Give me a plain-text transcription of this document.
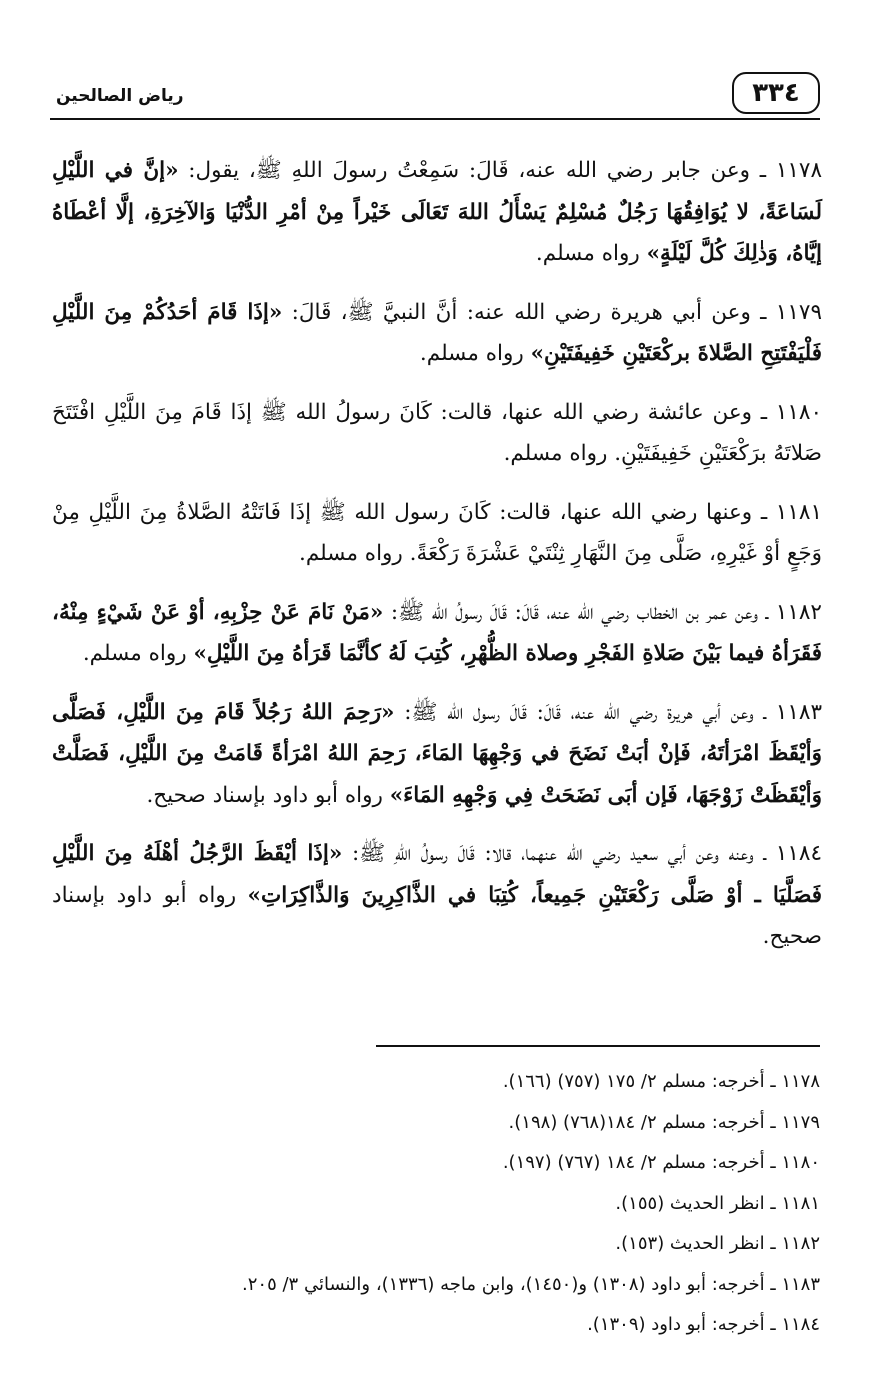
٣٣٤
رياض الصالحين

١١٧٨ ـ وعن جابر رضي الله عنه، قَالَ: سَمِعْتُ رسولَ اللهِ ﷺ، يقول: «إنَّ في اللَّيْلِ لَسَاعَةً، لا يُوَافِقُهَا رَجُلٌ مُسْلِمٌ يَسْأَلُ اللهَ تَعَالَى خَيْراً مِنْ أمْرِ الدُّنْيَا وَالآخِرَةِ، إلَّا أعْطَاهُ إيَّاهُ، وَذٰلِكَ كُلَّ لَيْلَةٍ» رواه مسلم.

١١٧٩ ـ وعن أبي هريرة رضي الله عنه: أنَّ النبيَّ ﷺ، قَالَ: «إذَا قَامَ أحَدُكُمْ مِنَ اللَّيْلِ فَلْيَفْتَتِحِ الصَّلاةَ بركْعَتَيْنِ خَفِيفَتَيْنِ» رواه مسلم.

١١٨٠ ـ وعن عائشة رضي الله عنها، قالت: كَانَ رسولُ الله ﷺ إذَا قَامَ مِنَ اللَّيْلِ افْتَتَحَ صَلاتَهُ برَكْعَتَيْنِ خَفِيفَتَيْنِ. رواه مسلم.

١١٨١ ـ وعنها رضي الله عنها، قالت: كَانَ رسول الله ﷺ إذَا فَاتَتْهُ الصَّلاةُ مِنَ اللَّيْلِ مِنْ وَجَعٍ أوْ غَيْرِهِ، صَلَّى مِنَ النَّهَارِ ثِنْتَيْ عَشْرَةَ رَكْعَةً. رواه مسلم.

١١٨٢ ـ وعن عمر بن الخطاب رضي الله عنه، قَالَ: قَالَ رسولُ الله ﷺ: «مَنْ نَامَ عَنْ حِزْبِهِ، أوْ عَنْ شَيْءٍ مِنْهُ، فَقَرَأهُ فيما بَيْنَ صَلاةِ الفَجْرِ وصلاة الظُّهْرِ، كُتِبَ لَهُ كأنَّمَا قَرَأهُ مِنَ اللَّيْلِ» رواه مسلم.

١١٨٣ ـ وعن أبي هريرة رضي الله عنه، قَالَ: قَالَ رسول الله ﷺ: «رَحِمَ اللهُ رَجُلاً قَامَ مِنَ اللَّيْلِ، فَصَلَّى وَأيْقَظَ امْرَأتَهُ، فَإنْ أبَتْ نَضَحَ في وَجْهِهَا المَاءَ، رَحِمَ اللهُ امْرَأةً قَامَتْ مِنَ اللَّيْلِ، فَصَلَّتْ وَأيْقَظَتْ زَوْجَهَا، فَإن أبَى نَضَحَتْ فِي وَجْهِهِ المَاءَ» رواه أبو داود بإسناد صحيح.

١١٨٤ ـ وعنه وعن أبي سعيد رضي الله عنهما، قالا: قَالَ رسولُ اللهِ ﷺ: «إذَا أيْقَظَ الرَّجُلُ أهْلَهُ مِنَ اللَّيْلِ فَصَلَّيَا ـ أوْ صَلَّى رَكْعَتَيْنِ جَمِيعاً، كُتِبَا في الذَّاكِرِينَ وَالذَّاكِرَاتِ» رواه أبو داود بإسناد صحيح.

١١٧٨ ـ أخرجه: مسلم ٢/ ١٧٥ (٧٥٧) (١٦٦).
١١٧٩ ـ أخرجه: مسلم ٢/ ١٨٤(٧٦٨) (١٩٨).
١١٨٠ ـ أخرجه: مسلم ٢/ ١٨٤ (٧٦٧) (١٩٧).
١١٨١ ـ انظر الحديث (١٥٥).
١١٨٢ ـ انظر الحديث (١٥٣).
١١٨٣ ـ أخرجه: أبو داود (١٣٠٨) و(١٤٥٠)، وابن ماجه (١٣٣٦)، والنسائي ٣/ ٢٠٥.
١١٨٤ ـ أخرجه: أبو داود (١٣٠٩).
